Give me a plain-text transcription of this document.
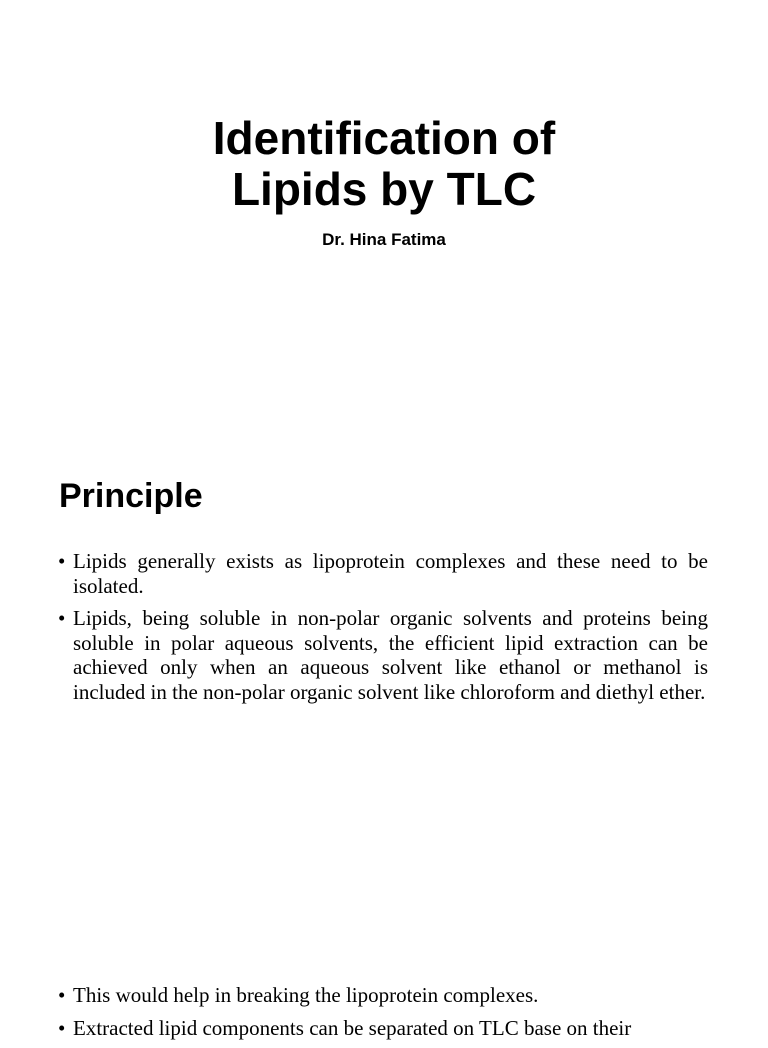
Identification of
Lipids by TLC
Dr. Hina Fatima
Principle
• Lipids generally exists as lipoprotein complexes and these need to be isolated.
• Lipids, being soluble in non-polar organic solvents and proteins being soluble in polar aqueous solvents, the efficient lipid extraction can be achieved only when an aqueous solvent like ethanol or methanol is included in the non-polar organic solvent like chloroform and diethyl ether.
• This would help in breaking the lipoprotein complexes.
• Extracted lipid components can be separated on TLC base on their
